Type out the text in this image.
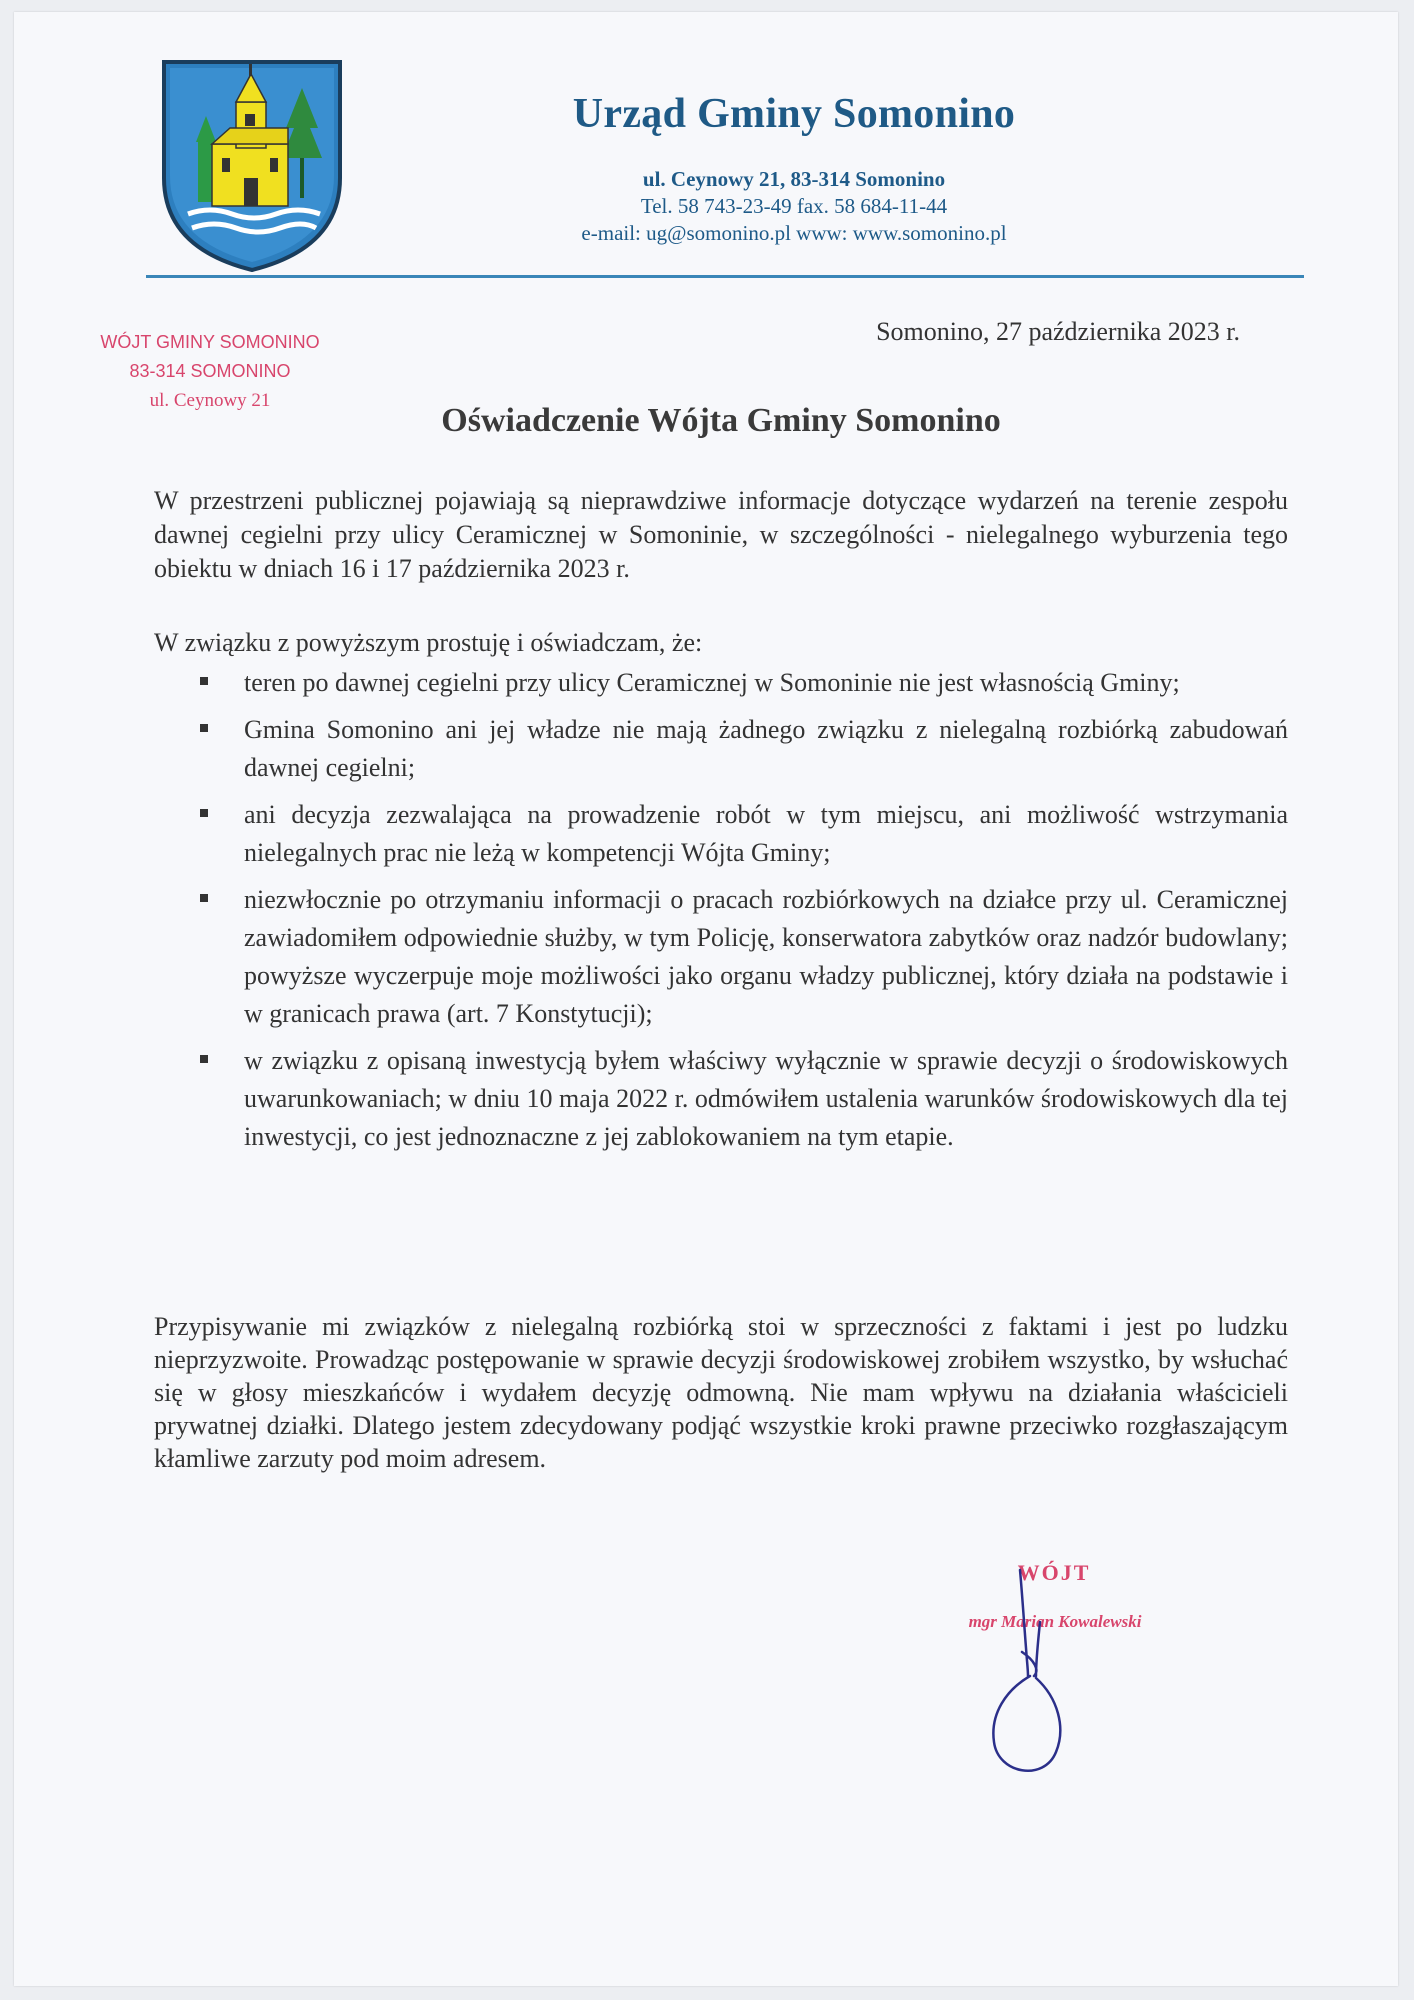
Urząd Gminy Somonino
ul. Ceynowy 21, 83-314 Somonino
Tel. 58 743-23-49 fax. 58 684-11-44
e-mail: ug@somonino.pl www: www.somonino.pl
WÓJT GMINY SOMONINO
83-314 SOMONINO
ul. Ceynowy 21
Somonino, 27 października 2023 r.
Oświadczenie Wójta Gminy Somonino
W przestrzeni publicznej pojawiają są nieprawdziwe informacje dotyczące wydarzeń na terenie zespołu dawnej cegielni przy ulicy Ceramicznej w Somoninie, w szczególności - nielegalnego wyburzenia tego obiektu w dniach 16 i 17 października 2023 r.
W związku z powyższym prostuję i oświadczam, że:
teren po dawnej cegielni przy ulicy Ceramicznej w Somoninie nie jest własnością Gminy;
Gmina Somonino ani jej władze nie mają żadnego związku z nielegalną rozbiórką zabudowań dawnej cegielni;
ani decyzja zezwalająca na prowadzenie robót w tym miejscu, ani możliwość wstrzymania nielegalnych prac nie leżą w kompetencji Wójta Gminy;
niezwłocznie po otrzymaniu informacji o pracach rozbiórkowych na działce przy ul. Ceramicznej zawiadomiłem odpowiednie służby, w tym Policję, konserwatora zabytków oraz nadzór budowlany; powyższe wyczerpuje moje możliwości jako organu władzy publicznej, który działa na podstawie i w granicach prawa (art. 7 Konstytucji);
w związku z opisaną inwestycją byłem właściwy wyłącznie w sprawie decyzji o środowiskowych uwarunkowaniach; w dniu 10 maja 2022 r. odmówiłem ustalenia warunków środowiskowych dla tej inwestycji, co jest jednoznaczne z jej zablokowaniem na tym etapie.
Przypisywanie mi związków z nielegalną rozbiórką stoi w sprzeczności z faktami i jest po ludzku nieprzyzwoite. Prowadząc postępowanie w sprawie decyzji środowiskowej zrobiłem wszystko, by wsłuchać się w głosy mieszkańców i wydałem decyzję odmowną. Nie mam wpływu na działania właścicieli prywatnej działki. Dlatego jestem zdecydowany podjąć wszystkie kroki prawne przeciwko rozgłaszającym kłamliwe zarzuty pod moim adresem.
WÓJT
mgr Marian Kowalewski
